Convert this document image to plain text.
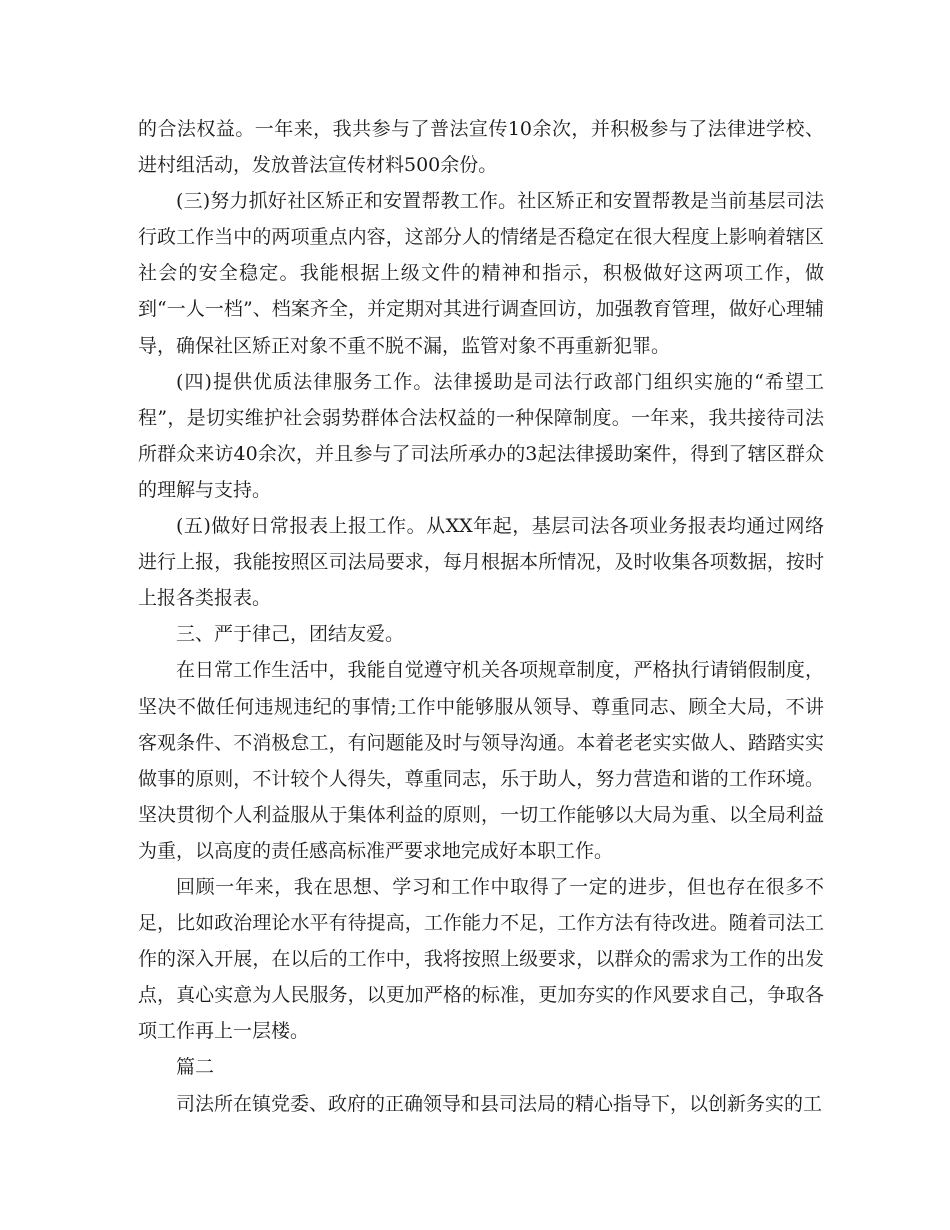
的合法权益。一年来，我共参与了普法宣传10余次，并积极参与了法律进学校、进村组活动，发放普法宣传材料500余份。

(三)努力抓好社区矫正和安置帮教工作。社区矫正和安置帮教是当前基层司法行政工作当中的两项重点内容，这部分人的情绪是否稳定在很大程度上影响着辖区社会的安全稳定。我能根据上级文件的精神和指示，积极做好这两项工作，做到“一人一档”、档案齐全，并定期对其进行调查回访，加强教育管理，做好心理辅导，确保社区矫正对象不重不脱不漏，监管对象不再重新犯罪。

(四)提供优质法律服务工作。法律援助是司法行政部门组织实施的“希望工程”，是切实维护社会弱势群体合法权益的一种保障制度。一年来，我共接待司法所群众来访40余次，并且参与了司法所承办的3起法律援助案件，得到了辖区群众的理解与支持。

(五)做好日常报表上报工作。从XX年起，基层司法各项业务报表均通过网络进行上报，我能按照区司法局要求，每月根据本所情况，及时收集各项数据，按时上报各类报表。

三、严于律己，团结友爱。

在日常工作生活中，我能自觉遵守机关各项规章制度，严格执行请销假制度，坚决不做任何违规违纪的事情;工作中能够服从领导、尊重同志、顾全大局，不讲客观条件、不消极怠工，有问题能及时与领导沟通。本着老老实实做人、踏踏实实做事的原则，不计较个人得失，尊重同志，乐于助人，努力营造和谐的工作环境。坚决贯彻个人利益服从于集体利益的原则，一切工作能够以大局为重、以全局利益为重，以高度的责任感高标准严要求地完成好本职工作。

回顾一年来，我在思想、学习和工作中取得了一定的进步，但也存在很多不足，比如政治理论水平有待提高，工作能力不足，工作方法有待改进。随着司法工作的深入开展，在以后的工作中，我将按照上级要求，以群众的需求为工作的出发点，真心实意为人民服务，以更加严格的标准，更加夯实的作风要求自己，争取各项工作再上一层楼。

篇二

司法所在镇党委、政府的正确领导和县司法局的精心指导下，以创新务实的工
